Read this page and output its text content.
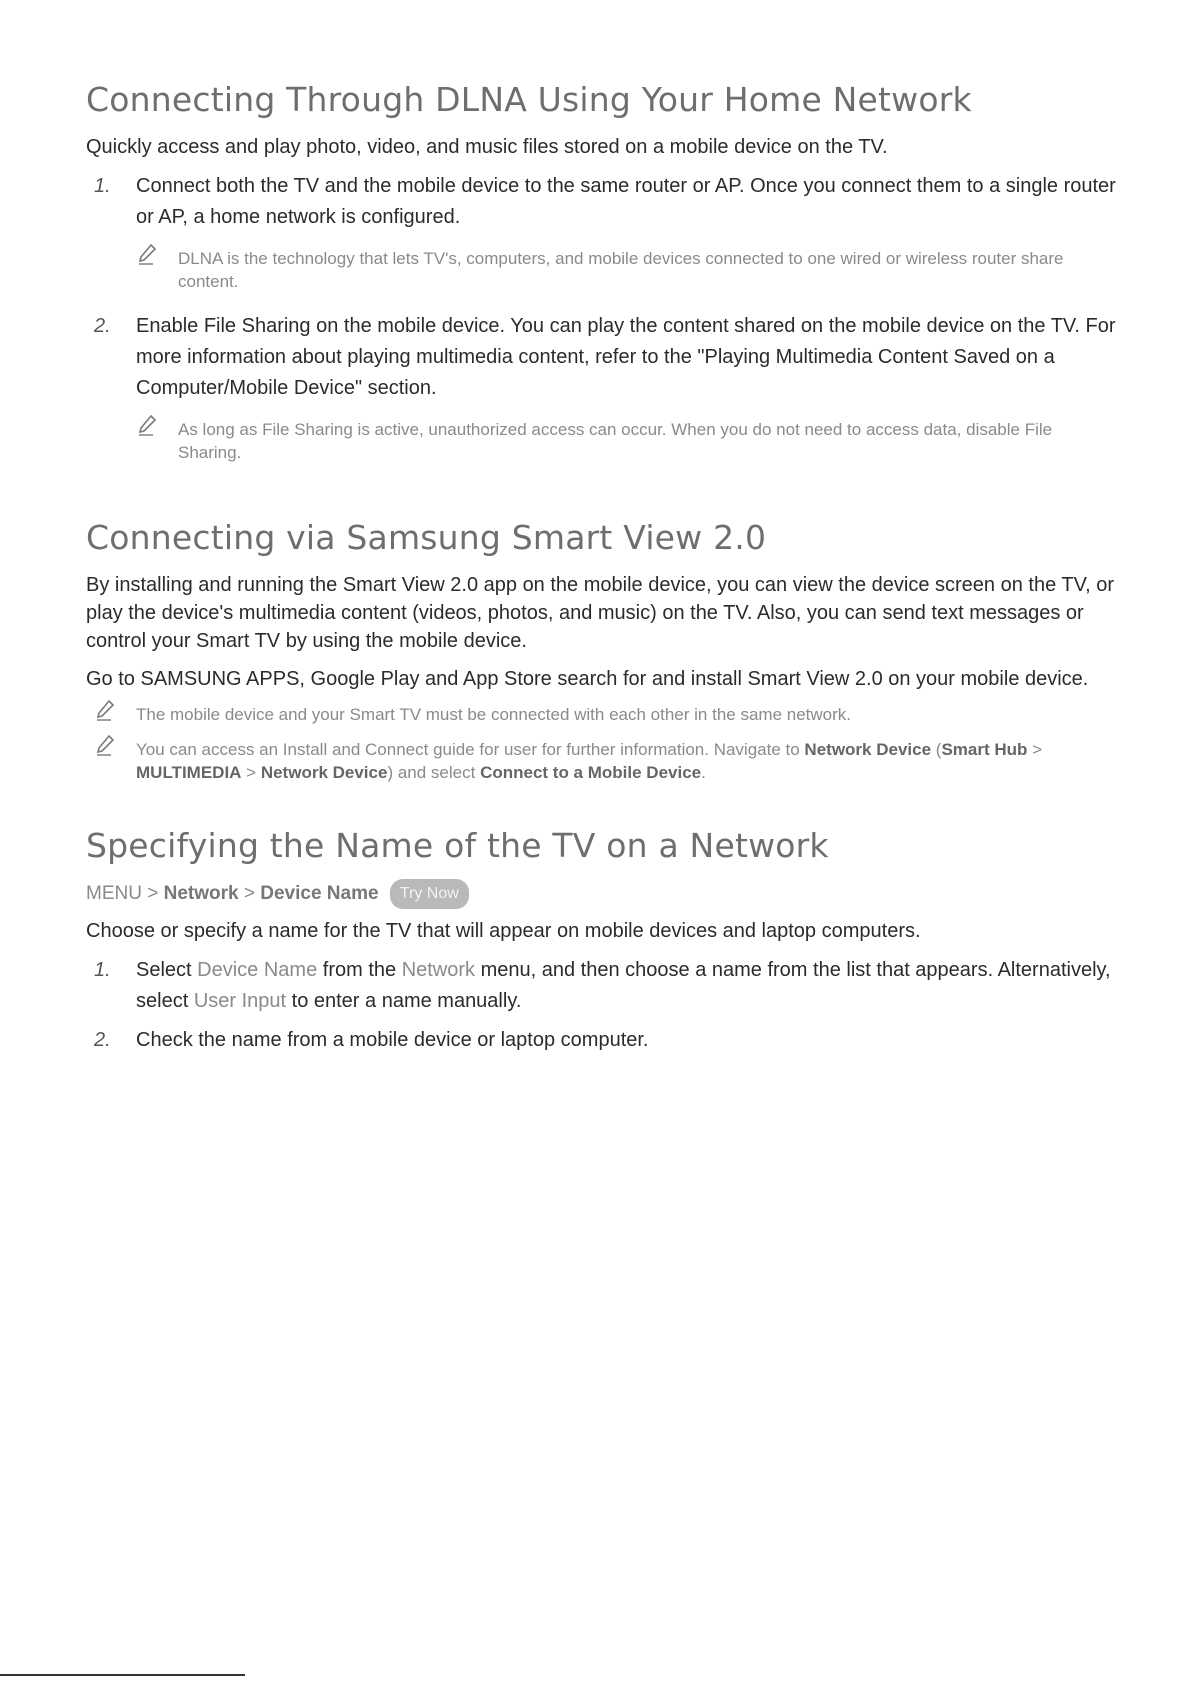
Connecting Through DLNA Using Your Home Network

Quickly access and play photo, video, and music files stored on a mobile device on the TV.

1. Connect both the TV and the mobile device to the same router or AP. Once you connect them to a single router or AP, a home network is configured.
DLNA is the technology that lets TV's, computers, and mobile devices connected to one wired or wireless router share content.
2. Enable File Sharing on the mobile device. You can play the content shared on the mobile device on the TV. For more information about playing multimedia content, refer to the "Playing Multimedia Content Saved on a Computer/Mobile Device" section.
As long as File Sharing is active, unauthorized access can occur. When you do not need to access data, disable File Sharing.
Connecting via Samsung Smart View 2.0

By installing and running the Smart View 2.0 app on the mobile device, you can view the device screen on the TV, or play the device's multimedia content (videos, photos, and music) on the TV. Also, you can send text messages or control your Smart TV by using the mobile device.

Go to SAMSUNG APPS, Google Play and App Store search for and install Smart View 2.0 on your mobile device.

The mobile device and your Smart TV must be connected with each other in the same network.
You can access an Install and Connect guide for user for further information. Navigate to Network Device (Smart Hub > MULTIMEDIA > Network Device) and select Connect to a Mobile Device.
Specifying the Name of the TV on a Network
MENU > Network > Device Name Try Now

Choose or specify a name for the TV that will appear on mobile devices and laptop computers.

1. Select Device Name from the Network menu, and then choose a name from the list that appears. Alternatively, select User Input to enter a name manually.
2. Check the name from a mobile device or laptop computer.
